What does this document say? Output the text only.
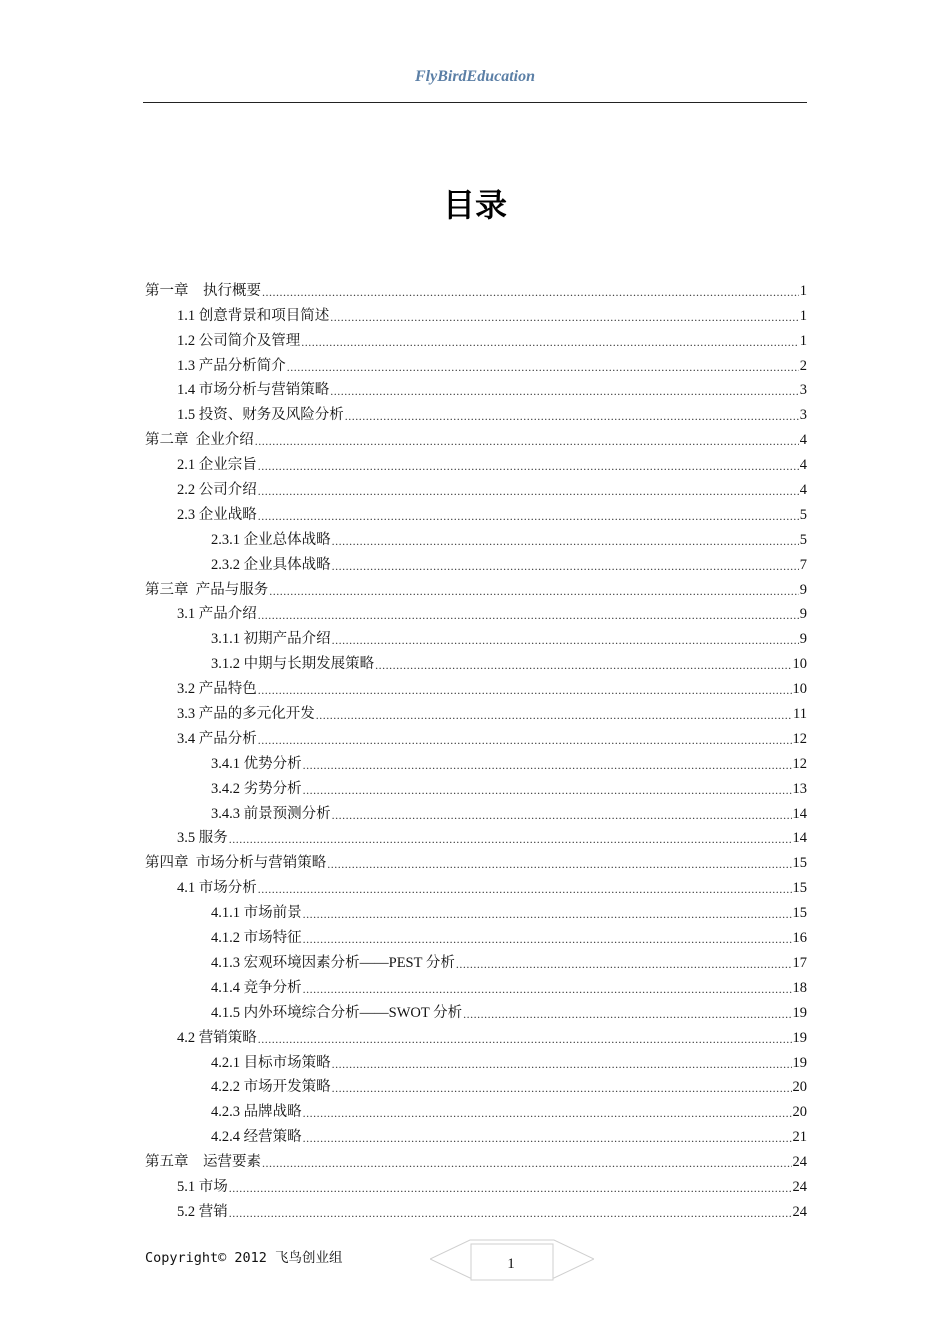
FlyBirdEducation
目录
第一章　执行概要 .....	1
1.1 创意背景和项目简述 .....	1
1.2 公司简介及管理 .....	1
1.3 产品分析简介 .....	2
1.4 市场分析与营销策略 .....	3
1.5 投资、财务及风险分析 .....	3
第二章  企业介绍 .....	4
2.1 企业宗旨 .....	4
2.2 公司介绍 .....	4
2.3 企业战略 .....	5
2.3.1 企业总体战略 .....	5
2.3.2 企业具体战略 .....	7
第三章  产品与服务 .....	9
3.1 产品介绍 .....	9
3.1.1 初期产品介绍 .....	9
3.1.2 中期与长期发展策略 .....	10
3.2 产品特色 .....	10
3.3 产品的多元化开发 .....	11
3.4 产品分析 .....	12
3.4.1 优势分析 .....	12
3.4.2 劣势分析 .....	13
3.4.3 前景预测分析 .....	14
3.5 服务 .....	14
第四章  市场分析与营销策略 .....	15
4.1 市场分析 .....	15
4.1.1 市场前景 .....	15
4.1.2 市场特征 .....	16
4.1.3 宏观环境因素分析——PEST 分析 .....	17
4.1.4 竞争分析 .....	18
4.1.5 内外环境综合分析——SWOT 分析 .....	19
4.2 营销策略 .....	19
4.2.1 目标市场策略 .....	19
4.2.2 市场开发策略 .....	20
4.2.3 品牌战略 .....	20
4.2.4 经营策略 .....	21
第五章　运营要素 .....	24
5.1 市场 .....	24
5.2 营销 .....	24
Copyright© 2012 飞鸟创业组	1
